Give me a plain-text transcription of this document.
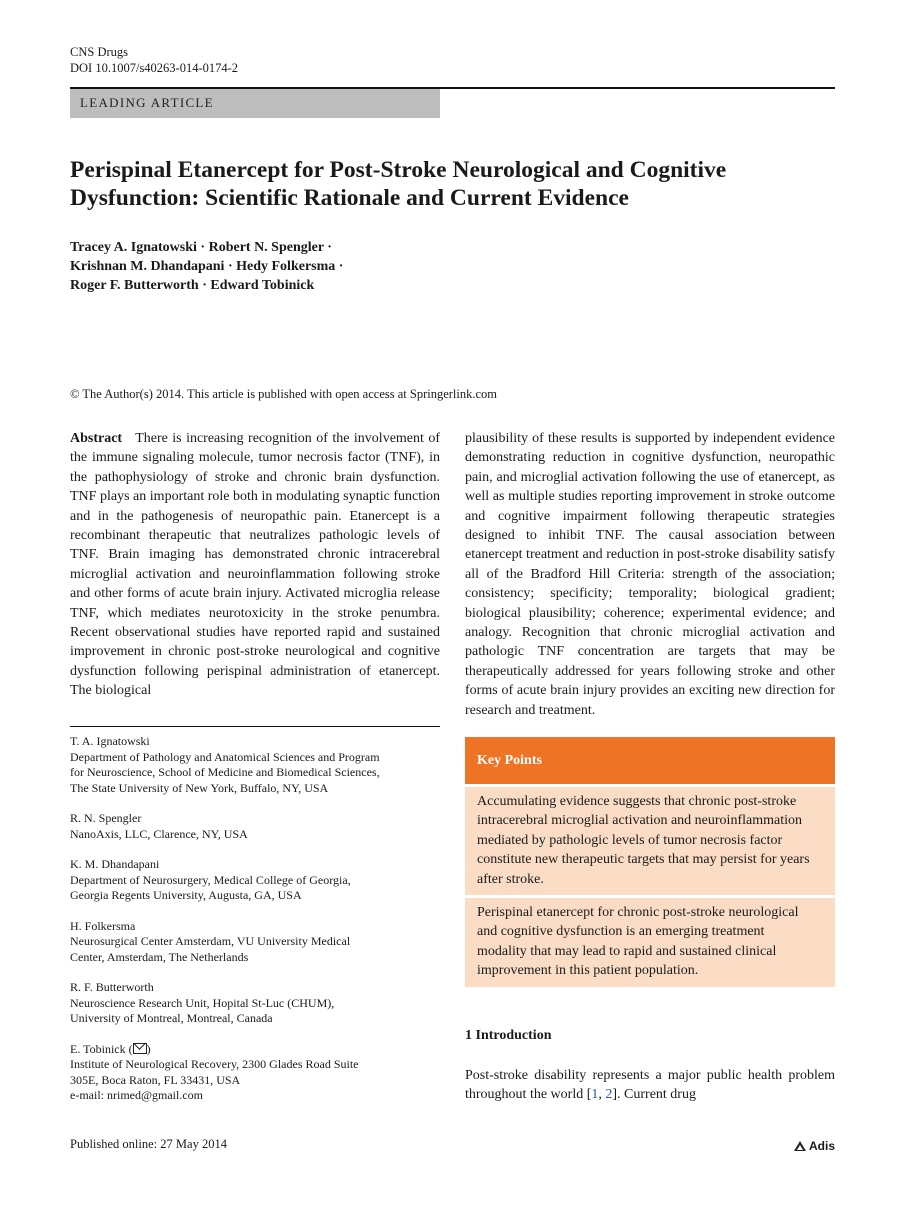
CNS Drugs
DOI 10.1007/s40263-014-0174-2
LEADING ARTICLE
Perispinal Etanercept for Post-Stroke Neurological and Cognitive
Dysfunction: Scientific Rationale and Current Evidence
Tracey A. Ignatowski · Robert N. Spengler ·
Krishnan M. Dhandapani · Hedy Folkersma ·
Roger F. Butterworth · Edward Tobinick
© The Author(s) 2014. This article is published with open access at Springerlink.com
Abstract There is increasing recognition of the involvement of the immune signaling molecule, tumor necrosis factor (TNF), in the pathophysiology of stroke and chronic brain dysfunction. TNF plays an important role both in modulating synaptic function and in the pathogenesis of neuropathic pain. Etanercept is a recombinant therapeutic that neutralizes pathologic levels of TNF. Brain imaging has demonstrated chronic intracerebral microglial activation and neuroinflammation following stroke and other forms of acute brain injury. Activated microglia release TNF, which mediates neurotoxicity in the stroke penumbra. Recent observational studies have reported rapid and sustained improvement in chronic post-stroke neurological and cognitive dysfunction following perispinal administration of etanercept. The biological
plausibility of these results is supported by independent evidence demonstrating reduction in cognitive dysfunction, neuropathic pain, and microglial activation following the use of etanercept, as well as multiple studies reporting improvement in stroke outcome and cognitive impairment following therapeutic strategies designed to inhibit TNF. The causal association between etanercept treatment and reduction in post-stroke disability satisfy all of the Bradford Hill Criteria: strength of the association; consistency; specificity; temporality; biological gradient; biological plausibility; coherence; experimental evidence; and analogy. Recognition that chronic microglial activation and pathologic TNF concentration are targets that may be therapeutically addressed for years following stroke and other forms of acute brain injury provides an exciting new direction for research and treatment.
T. A. Ignatowski
Department of Pathology and Anatomical Sciences and Program
for Neuroscience, School of Medicine and Biomedical Sciences,
The State University of New York, Buffalo, NY, USA
R. N. Spengler
NanoAxis, LLC, Clarence, NY, USA
K. M. Dhandapani
Department of Neurosurgery, Medical College of Georgia,
Georgia Regents University, Augusta, GA, USA
H. Folkersma
Neurosurgical Center Amsterdam, VU University Medical
Center, Amsterdam, The Netherlands
R. F. Butterworth
Neuroscience Research Unit, Hopital St-Luc (CHUM),
University of Montreal, Montreal, Canada
E. Tobinick ( )
Institute of Neurological Recovery, 2300 Glades Road Suite
305E, Boca Raton, FL 33431, USA
e-mail: nrimed@gmail.com
Key Points
Accumulating evidence suggests that chronic post-stroke intracerebral microglial activation and neuroinflammation mediated by pathologic levels of tumor necrosis factor constitute new therapeutic targets that may persist for years after stroke.
Perispinal etanercept for chronic post-stroke neurological and cognitive dysfunction is an emerging treatment modality that may lead to rapid and sustained clinical improvement in this patient population.
1 Introduction
Post-stroke disability represents a major public health problem throughout the world [1, 2]. Current drug
Published online: 27 May 2014	Adis
